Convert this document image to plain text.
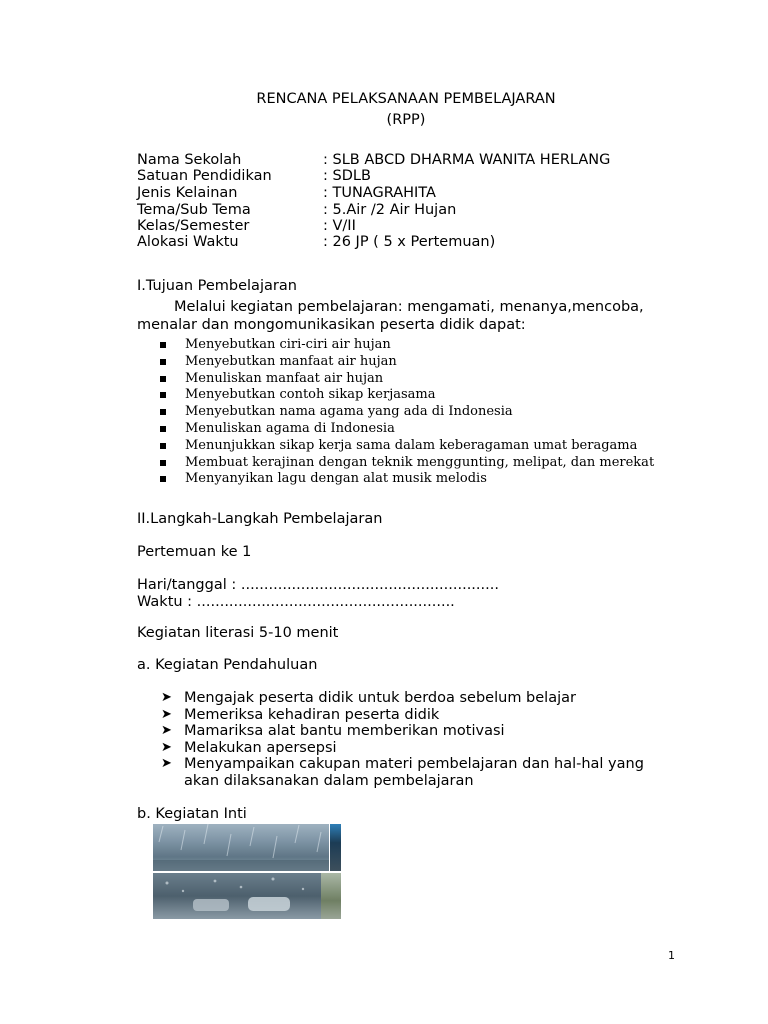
RENCANA PELAKSANAAN PEMBELAJARAN
(RPP)
Nama Sekolah	: SLB ABCD DHARMA WANITA HERLANG
Satuan Pendidikan	: SDLB
Jenis Kelainan	: TUNAGRAHITA
Tema/Sub Tema	: 5.Air /2 Air Hujan
Kelas/Semester	: V/II
Alokasi Waktu	: 26 JP ( 5 x Pertemuan)
I.Tujuan Pembelajaran
Melalui kegiatan pembelajaran: mengamati, menanya,mencoba,
menalar dan mongomunikasikan peserta didik dapat:
Menyebutkan ciri-ciri air hujan
Menyebutkan manfaat air hujan
Menuliskan manfaat air hujan
Menyebutkan contoh sikap kerjasama
Menyebutkan nama agama yang ada di Indonesia
Menuliskan agama di Indonesia
Menunjukkan sikap kerja sama dalam keberagaman umat beragama
Membuat kerajinan dengan teknik menggunting, melipat, dan merekat
Menyanyikan lagu dengan alat musik melodis
II.Langkah-Langkah Pembelajaran
Pertemuan ke 1
Hari/tanggal : ........................................................
Waktu : ........................................................
Kegiatan literasi 5-10 menit
a. Kegiatan Pendahuluan
➤ Mengajak peserta didik untuk berdoa sebelum belajar
➤ Memeriksa kehadiran peserta didik
➤ Mamariksa alat bantu memberikan motivasi
➤ Melakukan apersepsi
➤ Menyampaikan cakupan materi pembelajaran dan hal-hal yang
akan dilaksanakan dalam pembelajaran
b. Kegiatan Inti
1
